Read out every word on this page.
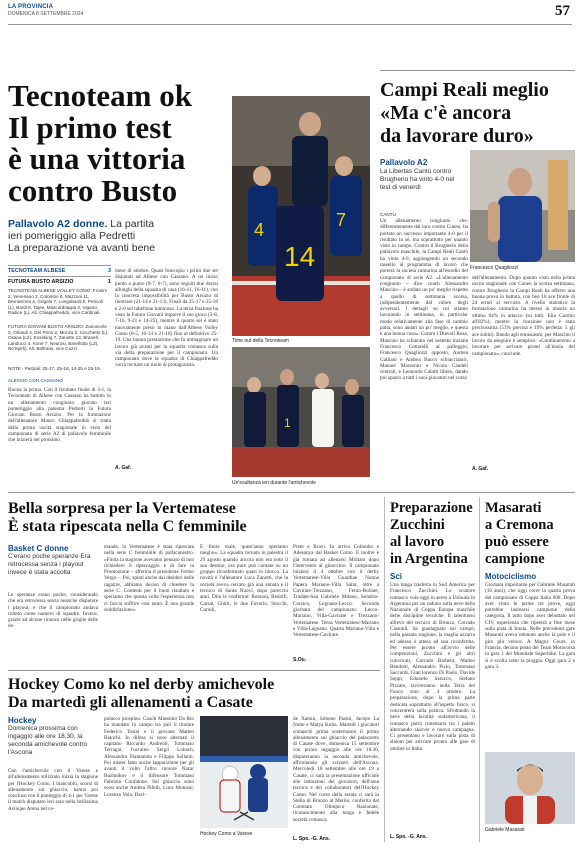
LA PROVINCIA
DOMENICA 8 SETTEMBRE 2024	57
Tecnoteam ok
Il primo test
è una vittoria
contro Busto
Pallavolo A2 donne. La partita
ieri pomeriggio alla Pedretti
La preparazione va avanti bene
TECNOTEAM ALBESE	3
FUTURA BUSTO ARSIZIO	1
TECNOTEAM ALBESE VOLLEY COMO: Frosini 2, Veneriano 2, Colombo 8, Mazzoni 11, Bernasconi 4, Grigolo 7, Longobardi 8, Pericoli (L), Bardi 8, Tajee, Mascordrappa 2, Vigano, Radice (L). All. Chiappafreddo, vice Cardinali.
FUTURA GIOVANI BUSTO ARSIZIO: Zanoscelo 0, Orlandi 4, Del Prino 2, Monza 2, Cecchetto (L), Osana (L2), Enseking 7, Zanette 13, Branell, Landucci 4, Kone 7, Neurosi, Barellotta (L3), Ne'Spirli). All. Beltrami, vice Cozzi.
NOTE - Parziali: 25-17, 25-18, 14-25 e 25-19.
ALESSIO CON CASSANO
Buona la prima. Con il risultato finale di 3-1, la Tecnoteam di Albese con Cassano ha battuto in un allenamento congiunto giocato ieri pomeriggio alla palestra Pedretti la Futura Giovani Busto Arsizio. Per la formazione dell'allenatore Mauro Chiappafreddo si tratta della prima uscita stagionale in vista del campionato di serie A2 di pallavolo femminile che inizierà nel prossimo
mese di ottobre. Quasi fotocopia i primi due set disputati ad Albese con Cassano. A un inizio punto a punto (8-7, 8-7), sono seguiti due decisi allunghi della squadra di casa (16-11, 16-11), con la concreta impossibilità per Busto Arsizio di rientrare (21-14 e 21-13). Finali da 25-17 e 25-18 e 2-0 sul tabellone luminoso. La terza frazione ha visto la Futura Giovani imporre il suo gioco (2-8, 7-16, 9-21 e 14-25), mentre il quarto set è stato nuovamente preso in mano dall'Albese Volley Como (8-5, 16-14 e 21-18) fino al definitivo 25-19. Una buona prestazione che fa immaginare un lavoro già avanti per la squadra comasca sulla via della preparazione per il campionato. Un campionato dove la squadra di Chiappafreddo vorrà recitare un ruolo di protagonista.
A. Gaf.
4	7
14
Time out della Tecnoteam
1
Un'esultanza ieri durante l'amichevole
Campi Reali meglio
«Ma c'è ancora
da lavorare duro»
Pallavolo A2
La Libertas Cantù contro Brugherio ha vinto 4-0 nel test di venerdì
Francesco Quagliozzi
CANTÙ
Un allenamento congiunto che, differentemente dal loro contro Cuneo, ha portato un successo importante 4-0 per il risultato in sé, ma soprattutto per quanto visto in campo. Contro il Brugherio della pallavolo maschile, la Campi Reali Cantù ha vinto 4-0, aggiungendo un secondo tassello al programma di lavoro che porterà la società canturina all'esordio del campionato di serie A2. «L'allenamento congiunto – dice coach Alessandro Mascino – è andato un po' meglio rispetto a quello di settimana scorsa, indipendentemente dal valore degli avversari. I dettagli su cui stiamo lavorando in settimana, in particolar modo relativamente alla fase di cambio palla, sono andati un po' meglio, e questa è una buona cosa». Contro i Diavoli Rosa, Mascino ha schierato nel sestetto iniziale Francesco Cottarelli al palleggio, Francesco Quagliozzi opposto, Andrea Galliani e Andrea Bacco schiacciatori, Manuel Marzorati e Nicola Candeli centrali, e Leonardo Calotti libero, dando poi spazio a tutti i suoi giocatori nel corso
dell'allenamento. Dopo quanto visto nella prima uscita stagionale con Cuneo la scorsa settimana, contro Brugherio la Campi Reali ha offerto una buona prova in battuta, con ben 10 ace fronte di 24 errori al servizio. A livello statistico la formazione canturina ha messo in mostra un ottimo 64% in attacco (su tutti, Elio Cormio all'82%), mentre la ricezione non è stata precisissima (53% precisa e 19% perfetta; 5 gli ace subiti). Bando agli entusiasmi, per Mascino il lavoro da eseguire è semplice: «Continueremo a lavorare per arrivare pronti all'inizio del campionato», conclude.
A. Gaf.
Bella sorpresa per la Vertematese
È stata ripescata nella C femminile
Basket C donne
C'erano poche speranze Era retrocessa senza i playout invece è stata accolta
Le speranze erano poche, considerando che era retrocessa senza neanche disputare i playout, e che il campionato andava ridotto come numero di squadre. Invece, grazie ad alcune rinunce nelle griglie delle do-
mande, la Vertematese è stata ripescata nella serie C femminile di pallacanestro. «Finita la stagione avevamo pensato di non richiedere il ripescaggio e di fare la Promozione – afferma il presidente Fermo Vergo –. Poi, spinti anche dai desideri delle ragazze, abbiamo deciso di chiedere la serie C. Contenti per il buon risultato e speriamo che questa volta l'esperienza non ci faccia soffrire così tanto. È una grande soddisfazione».
È finita male, quest'anno speriamo meglio». La squadra tornata in palestra il 29 agosto quando ancora non era noto il suo destino, ora pure può contare su un gruppo riconfermato quasi in blocco. La novità è l'allenatore Luca Zanotti, che la società aveva cercato già una annata e il tecnico di Santa Nuovi, dopo parecchi anni. Dire le conferme: Rossoni, Bedolfi, Carsai, Ghitti, le due Favorio, Stocchi, Carioli,
Prete e Bravi. In arrivo Colombo e Adesanya dal Basket Como. E inoltre è già tornata ad allenarsi Moltani dopo l'intervento al ginocchio. Il campionato inizierà il 4 ottobre con il derby Vertematese-Villa Guardiae Nonna Papera Mariano-Villa Saint, oltre a Gavirate-Trezzano, Ferno-Bollate, Tradate-San Gabriele Milano, Sondrio-Corsico, Legnano-Lecco. Seconda giornata del campionato: Lecco-Mariano, Villa-Gavirate e Trezzano-Vertematese. Terza Vertematese-Mariano e Villa-Legnano. Quarta Mariano-Villa e Vertematese-Gavirate.
S.Ou.
Preparazione
Zucchini
al lavoro
in Argentina
Sci
Una lunga trasferta in Sud America per Francesco Zucchini. Lo sciatore comasco vola oggi in aereo a Ushuaia in Argentina per un raduno sulla neve della Nazionale di Coppa Europa maschile delle discipline tecniche. Il talentuoso allievo del tecnico di Bronzo, Corrado Castoldi, ha guadagnato sul campo, nella passata stagione, la maglia azzurra ed adesso è attesa ad una riconferma. Per essere pronto all'avvio delle competizioni, Zucchini e gli altri convocati, Corrado Barbera, Matteo Bendotti, Alessandro Pizio, Tommaso Saccardi, Gian lorenzo Di Paolo, Davide Seppi, Edoardo Saracco, Stefano Pizzato, lavoreranno nella Terra del Fuoco sino al 4 ottobre. La preparazione, dopo la prima parte dedicata soprattutto all'aspetto fisico, si concentrerà sulla pratica. Sfruttando la neve della località sudamericana, il comasco potrà cimentarsi tra i paletti alternando skiovie e nuova campagna. Ci presentano e lavorare sulla pista di slalom per arrivare pronto alle gare di ottobre in Italia.
L. Spo. -G. Ans.
Masarati
a Cremona
può essere
campione
Motociclismo
Giornata importante per Gabriele Masarati (16 anni), che oggi corre la quarta prova del campionato di Coppa Italia 600. Dopo aver vinto le prime tre prove, oggi potrebbe laurearsi campione della categoria. Il tutto dopo aver debuttato nel CIV, esperienza che ripeterà a fine mese sulla pista di Imola. Nelle precedenti gare Masarati aveva ottenuto anche la pole e il giro più veloce. A Magny Cours, in Francia, decimo posto del Team Motocorsa in gara 1 del Mondiale Superbike. La gara si è svolta sotto la pioggia. Oggi gara 2 e gara 3.
Gabriele Masarati
Hockey Como ko nel derby amichevole
Da martedì gli allenamenti a Casate
Hockey
Domenica prossima con ingaggio alle ore 18.30, la seconda amichevole contro l'Ascona
Con l'amichevole con il Varese e all'allenamento stilizzato inizia la stagione per l'Hockey Como. I biancoblù, scorsi di allenamento sul ghiaccio, hanno poi concluso con il punteggio di 4-1 per Varese il match disputato ieri sera nella bellissima Acinque Arena nel ce-
polacco prospino. Coach Massimo Da Rin ha mandato in campo tra pali il titolare Federico Tosini e il giovane Matteo Bianchi. In difesa si sono alternati il capitano Riccardo Andreoli, Tommaso Terragni, l'ucraino Sergii Lobach, Alessandro Piantanida e Filippo Sollami. Poi mister fatto anche lapparizione per gli avanti il volto l'altro cursore Nazar Ruzhnikov e il difensore Tommaso Fabrizio Confalone. Sul ghiaccio sono scesi anche Andrea Pifelli, Luca Motosoi, Lorenzo Vola, Davi-
Hockey Como a Varese
de Xamin, Simone Pasini, Jacopo La Notte e Matya Kolia. Martedì i giocatori comaschi prima sosterranno il primo allenamento sul ghiaccio del palazzetto di Casate dove, domenica 15 settembre con primo ingaggio alle ore 18.30, disputeranno la seconda amichevole, affrontando gli svizzeri dell'Ascona. Mercoledì 18 settembre alle ore 19 a Casate, ci sarà la presentazione ufficiale alle istituzioni dei giocatori, dell'area tecnica e dei collaboratori dell'Hockey Como. Nel corso della serata ci sarà la Stella di Bronzo al Merito, conferita dal Comitato Olimpico Nazionale, riconoscimento alla lunga e fedele società comasca.
L. Spo. -G. Ans.
